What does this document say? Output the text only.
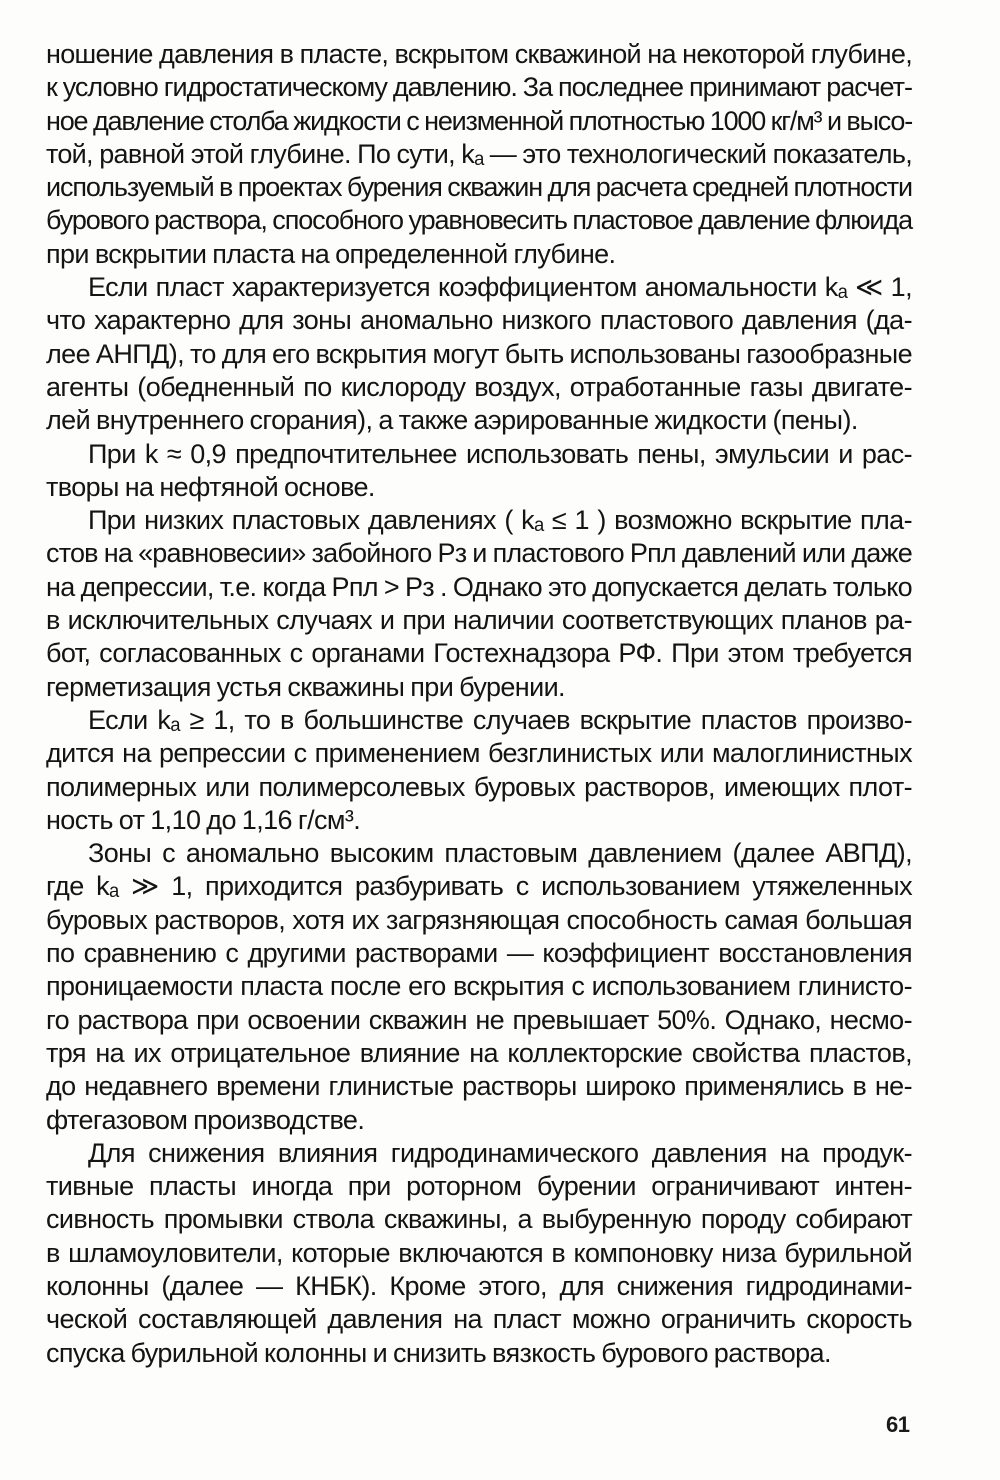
ношение давления в пласте, вскрытом скважиной на некоторой глубине,
к условно гидростатическому давлению. За последнее принимают расчет-
ное давление столба жидкости с неизменной плотностью 1000 кг/м³ и высо-
той, равной этой глубине. По сути, kₐ — это технологический показатель,
используемый в проектах бурения скважин для расчета средней плотности
бурового раствора, способного уравновесить пластовое давление флюида
при вскрытии пласта на определенной глубине.
Если пласт характеризуется коэффициентом аномальности kₐ ≪ 1,
что характерно для зоны аномально низкого пластового давления (да-
лее АНПД), то для его вскрытия могут быть использованы газообразные
агенты (обедненный по кислороду воздух, отработанные газы двигате-
лей внутреннего сгорания), а также аэрированные жидкости (пены).
При k ≈ 0,9 предпочтительнее использовать пены, эмульсии и рас-
творы на нефтяной основе.
При низких пластовых давлениях ( kₐ ≤ 1 ) возможно вскрытие пла-
стов на «равновесии» забойного Pз и пластового Pпл давлений или даже
на депрессии, т.е. когда Pпл > Pз . Однако это допускается делать только
в исключительных случаях и при наличии соответствующих планов ра-
бот, согласованных с органами Гостехнадзора РФ. При этом требуется
герметизация устья скважины при бурении.
Если kₐ ≥ 1, то в большинстве случаев вскрытие пластов произво-
дится на репрессии с применением безглинистых или малоглинистных
полимерных или полимерсолевых буровых растворов, имеющих плот-
ность от 1,10 до 1,16 г/см³.
Зоны с аномально высоким пластовым давлением (далее АВПД),
где kₐ ≫ 1, приходится разбуривать с использованием утяжеленных
буровых растворов, хотя их загрязняющая способность самая большая
по сравнению с другими растворами — коэффициент восстановления
проницаемости пласта после его вскрытия с использованием глинисто-
го раствора при освоении скважин не превышает 50%. Однако, несмо-
тря на их отрицательное влияние на коллекторские свойства пластов,
до недавнего времени глинистые растворы широко применялись в не-
фтегазовом производстве.
Для снижения влияния гидродинамического давления на продук-
тивные пласты иногда при роторном бурении ограничивают интен-
сивность промывки ствола скважины, а выбуренную породу собирают
в шламоуловители, которые включаются в компоновку низа бурильной
колонны (далее — КНБК). Кроме этого, для снижения гидродинами-
ческой составляющей давления на пласт можно ограничить скорость
спуска бурильной колонны и снизить вязкость бурового раствора.
61
